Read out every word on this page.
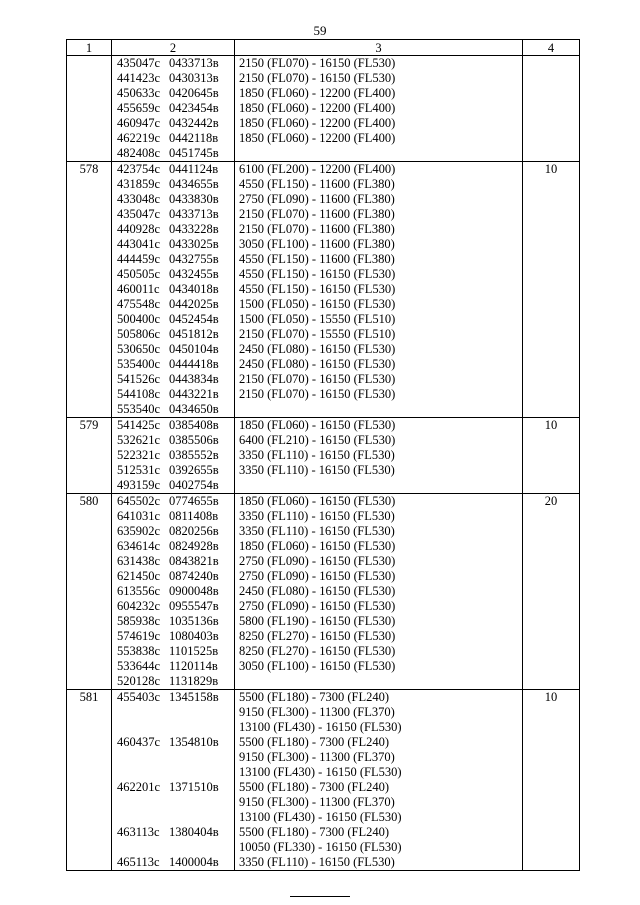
59
1	2	3	4
	435047с 0433713в	2150 (FL070) - 16150 (FL530)	
	441423с 0430313в	2150 (FL070) - 16150 (FL530)	
	450633с 0420645в	1850 (FL060) - 12200 (FL400)	
	455659с 0423454в	1850 (FL060) - 12200 (FL400)	
	460947с 0432442в	1850 (FL060) - 12200 (FL400)	
	462219с 0442118в	1850 (FL060) - 12200 (FL400)	
	482408с 0451745в		
578	423754с 0441124в	6100 (FL200) - 12200 (FL400)	10
	431859с 0434655в	4550 (FL150) - 11600 (FL380)	
	433048с 0433830в	2750 (FL090) - 11600 (FL380)	
	435047с 0433713в	2150 (FL070) - 11600 (FL380)	
	440928с 0433228в	2150 (FL070) - 11600 (FL380)	
	443041с 0433025в	3050 (FL100) - 11600 (FL380)	
	444459с 0432755в	4550 (FL150) - 11600 (FL380)	
	450505с 0432455в	4550 (FL150) - 16150 (FL530)	
	460011с 0434018в	4550 (FL150) - 16150 (FL530)	
	475548с 0442025в	1500 (FL050) - 16150 (FL530)	
	500400с 0452454в	1500 (FL050) - 15550 (FL510)	
	505806с 0451812в	2150 (FL070) - 15550 (FL510)	
	530650с 0450104в	2450 (FL080) - 16150 (FL530)	
	535400с 0444418в	2450 (FL080) - 16150 (FL530)	
	541526с 0443834в	2150 (FL070) - 16150 (FL530)	
	544108с 0443221в	2150 (FL070) - 16150 (FL530)	
	553540с 0434650в		
579	541425с 0385408в	1850 (FL060) - 16150 (FL530)	10
	532621с 0385506в	6400 (FL210) - 16150 (FL530)	
	522321с 0385552в	3350 (FL110) - 16150 (FL530)	
	512531с 0392655в	3350 (FL110) - 16150 (FL530)	
	493159с 0402754в		
580	645502с 0774655в	1850 (FL060) - 16150 (FL530)	20
	641031с 0811408в	3350 (FL110) - 16150 (FL530)	
	635902с 0820256в	3350 (FL110) - 16150 (FL530)	
	634614с 0824928в	1850 (FL060) - 16150 (FL530)	
	631438с 0843821в	2750 (FL090) - 16150 (FL530)	
	621450с 0874240в	2750 (FL090) - 16150 (FL530)	
	613556с 0900048в	2450 (FL080) - 16150 (FL530)	
	604232с 0955547в	2750 (FL090) - 16150 (FL530)	
	585938с 1035136в	5800 (FL190) - 16150 (FL530)	
	574619с 1080403в	8250 (FL270) - 16150 (FL530)	
	553838с 1101525в	8250 (FL270) - 16150 (FL530)	
	533644с 1120114в	3050 (FL100) - 16150 (FL530)	
	520128с 1131829в		
581	455403с 1345158в	5500 (FL180) - 7300 (FL240)	10
		9150 (FL300) - 11300 (FL370)	
		13100 (FL430) - 16150 (FL530)	
	460437с 1354810в	5500 (FL180) - 7300 (FL240)	
		9150 (FL300) - 11300 (FL370)	
		13100 (FL430) - 16150 (FL530)	
	462201с 1371510в	5500 (FL180) - 7300 (FL240)	
		9150 (FL300) - 11300 (FL370)	
		13100 (FL430) - 16150 (FL530)	
	463113с 1380404в	5500 (FL180) - 7300 (FL240)	
		10050 (FL330) - 16150 (FL530)	
	465113с 1400004в	3350 (FL110) - 16150 (FL530)	
